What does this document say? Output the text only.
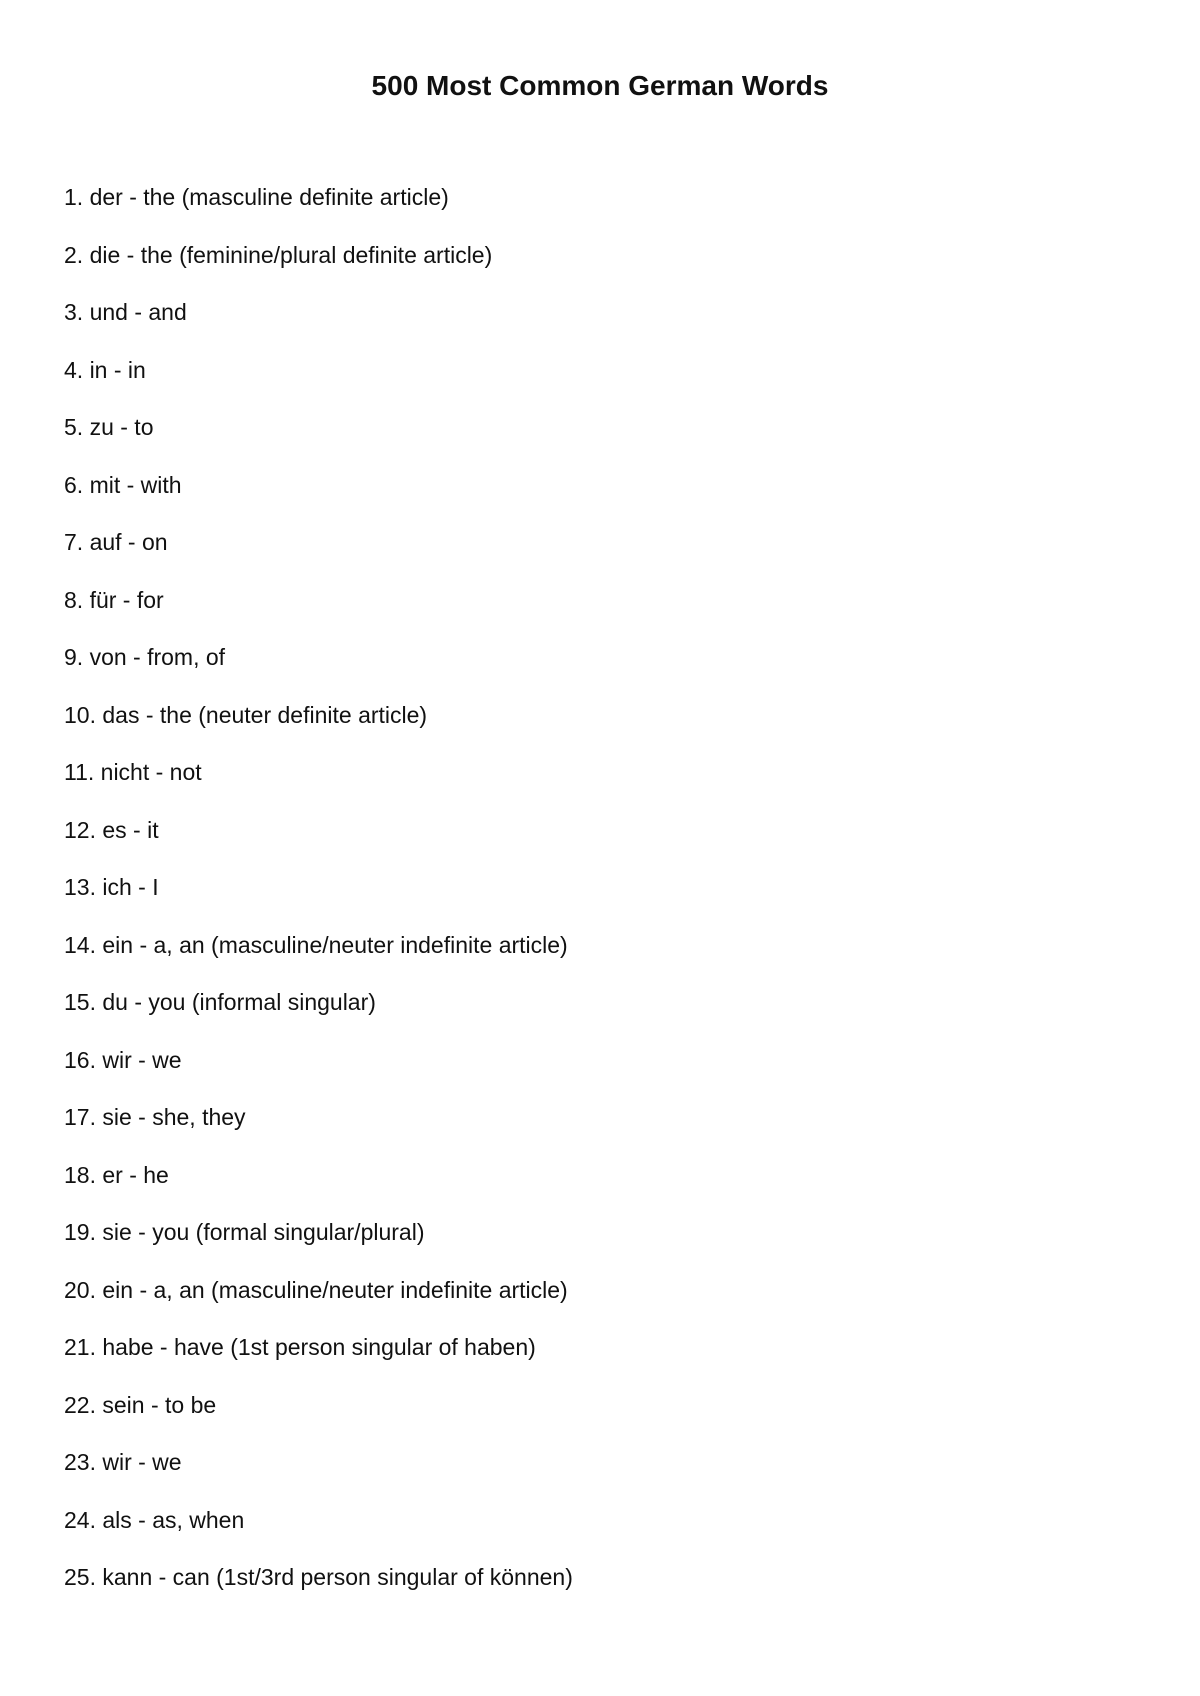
500 Most Common German Words
1. der - the (masculine definite article)
2. die - the (feminine/plural definite article)
3. und - and
4. in - in
5. zu - to
6. mit - with
7. auf - on
8. für - for
9. von - from, of
10. das - the (neuter definite article)
11. nicht - not
12. es - it
13. ich - I
14. ein - a, an (masculine/neuter indefinite article)
15. du - you (informal singular)
16. wir - we
17. sie - she, they
18. er - he
19. sie - you (formal singular/plural)
20. ein - a, an (masculine/neuter indefinite article)
21. habe - have (1st person singular of haben)
22. sein - to be
23. wir - we
24. als - as, when
25. kann - can (1st/3rd person singular of können)
